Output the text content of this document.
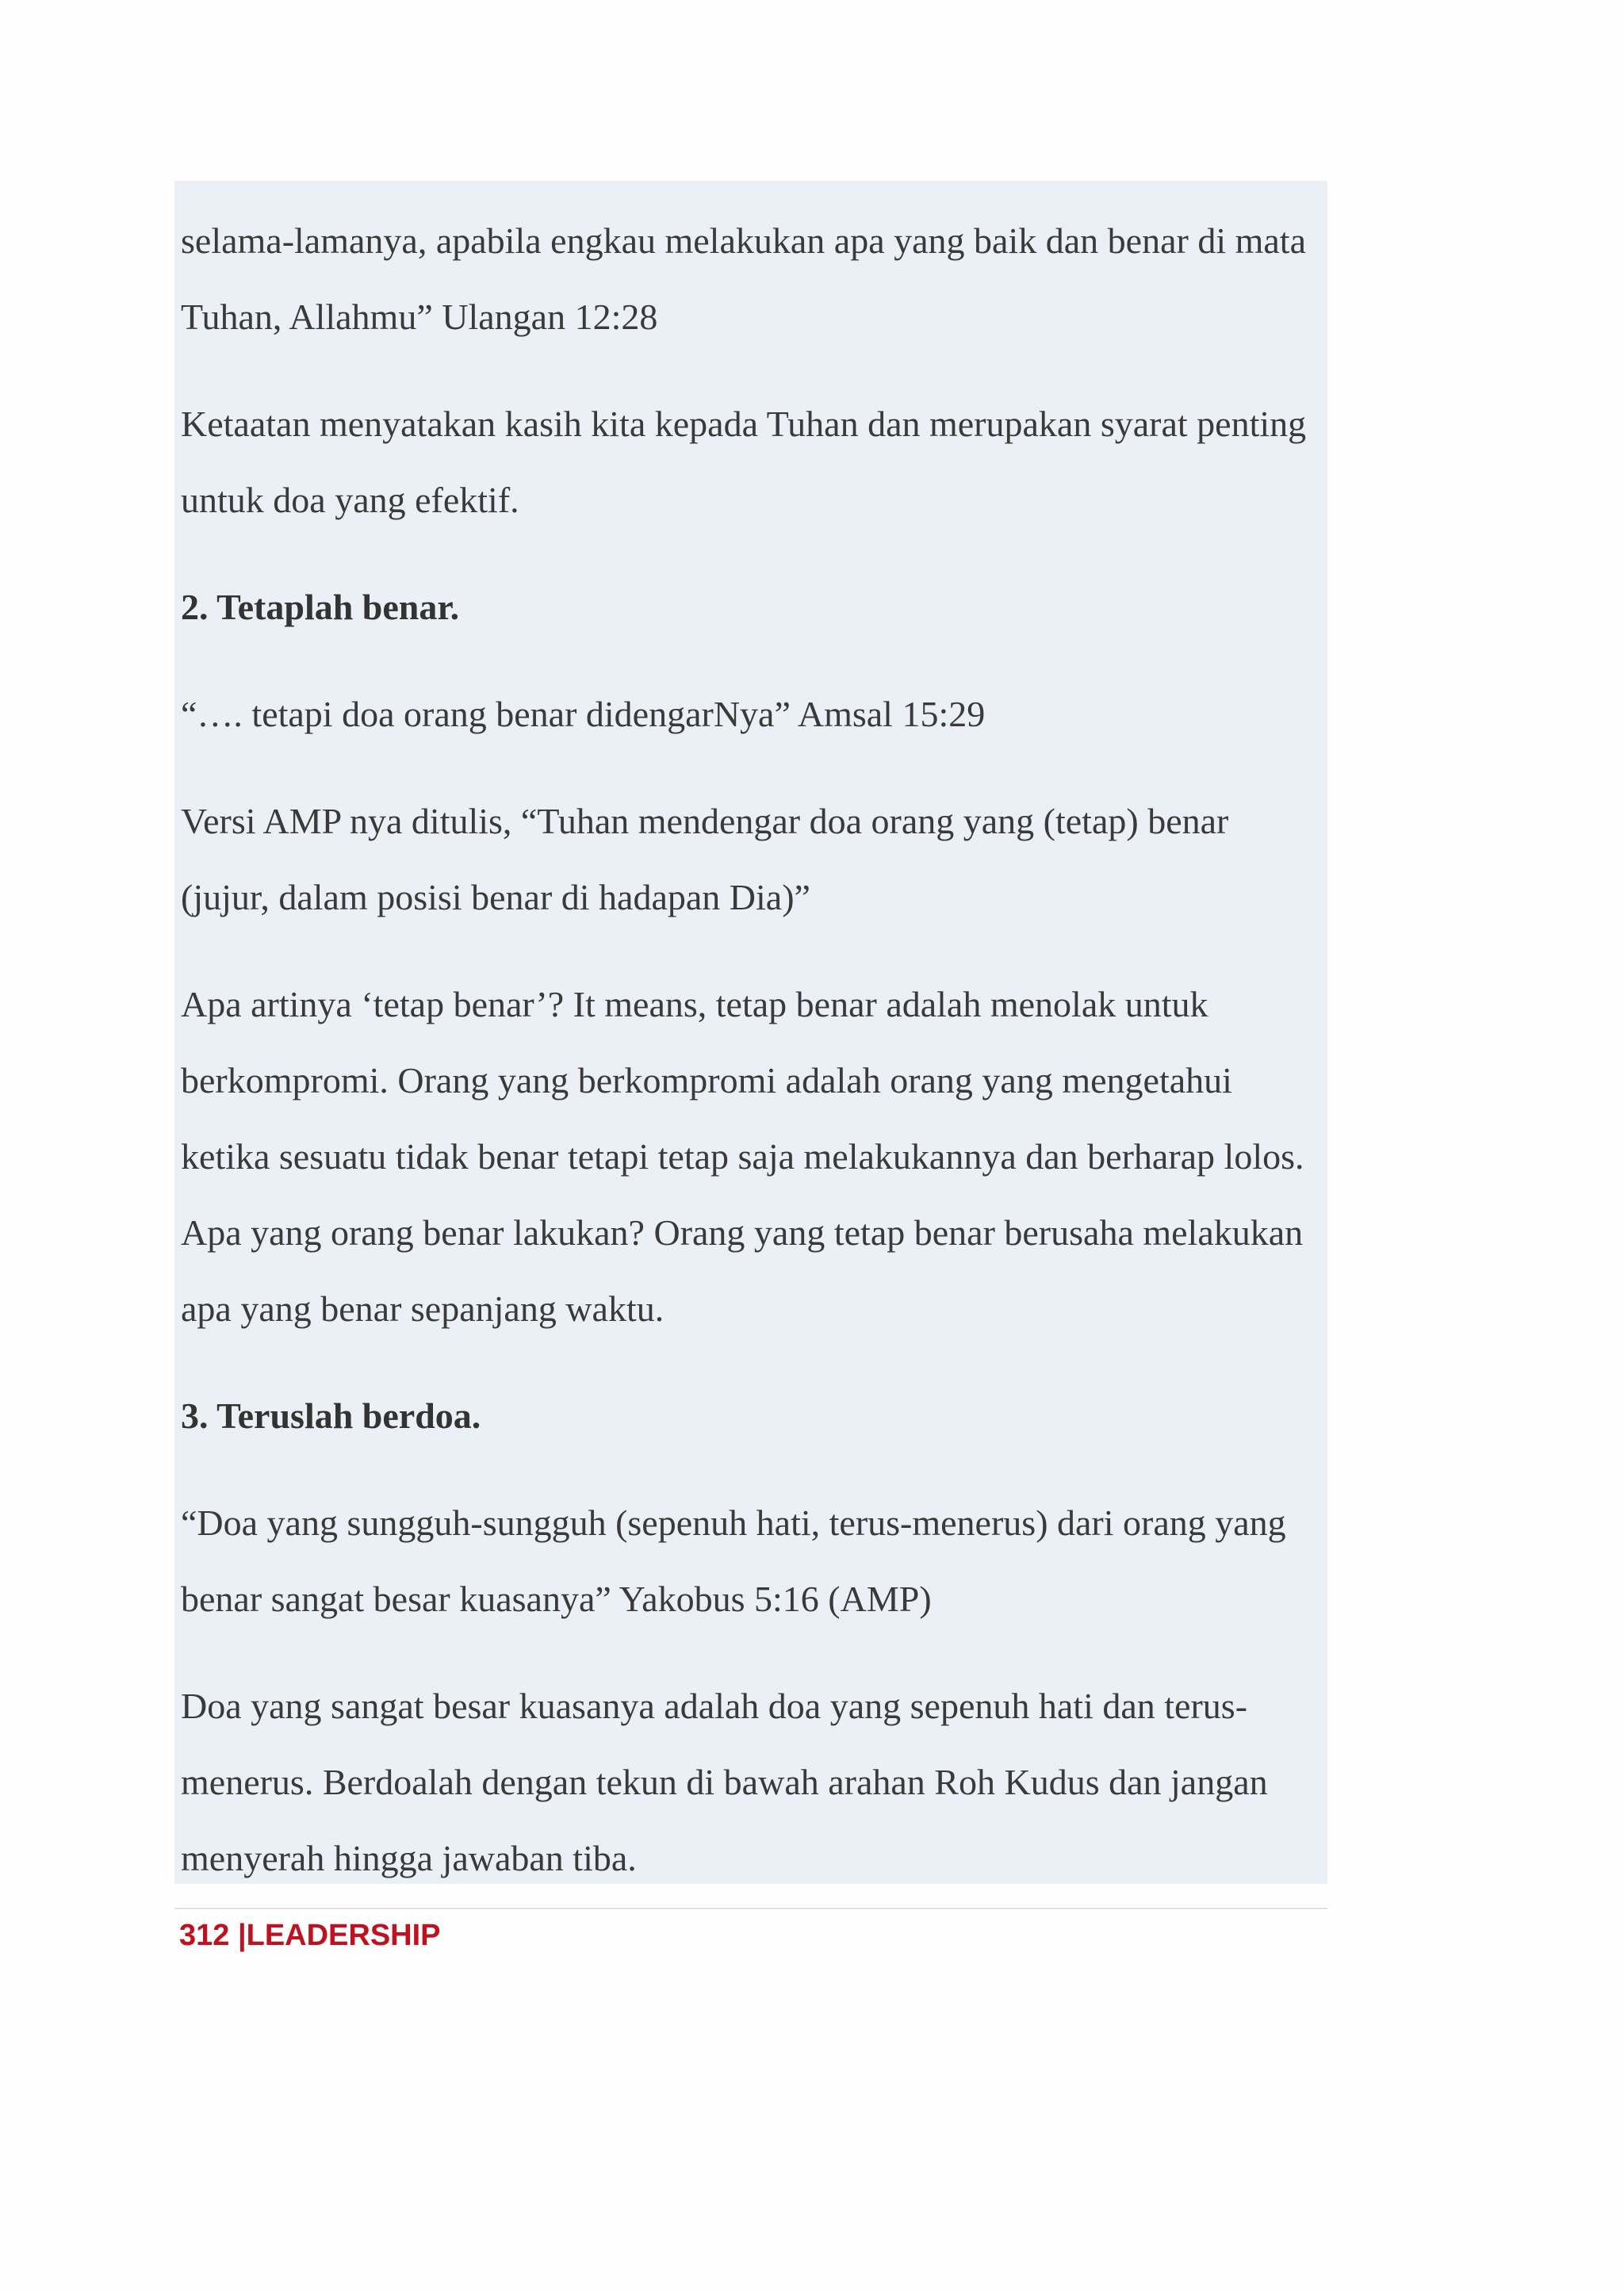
selama-lamanya, apabila engkau melakukan apa yang baik dan benar di mata Tuhan, Allahmu” Ulangan 12:28

Ketaatan menyatakan kasih kita kepada Tuhan dan merupakan syarat penting untuk doa yang efektif.

2. Tetaplah benar.

“…. tetapi doa orang benar didengarNya” Amsal 15:29

Versi AMP nya ditulis, “Tuhan mendengar doa orang yang (tetap) benar (jujur, dalam posisi benar di hadapan Dia)”

Apa artinya ‘tetap benar’? It means, tetap benar adalah menolak untuk berkompromi. Orang yang berkompromi adalah orang yang mengetahui ketika sesuatu tidak benar tetapi tetap saja melakukannya dan berharap lolos. Apa yang orang benar lakukan? Orang yang tetap benar berusaha melakukan apa yang benar sepanjang waktu.

3. Teruslah berdoa.

“Doa yang sungguh-sungguh (sepenuh hati, terus-menerus) dari orang yang benar sangat besar kuasanya” Yakobus 5:16 (AMP)

Doa yang sangat besar kuasanya adalah doa yang sepenuh hati dan terus-menerus. Berdoalah dengan tekun di bawah arahan Roh Kudus dan jangan menyerah hingga jawaban tiba.

312 |LEADERSHIP
